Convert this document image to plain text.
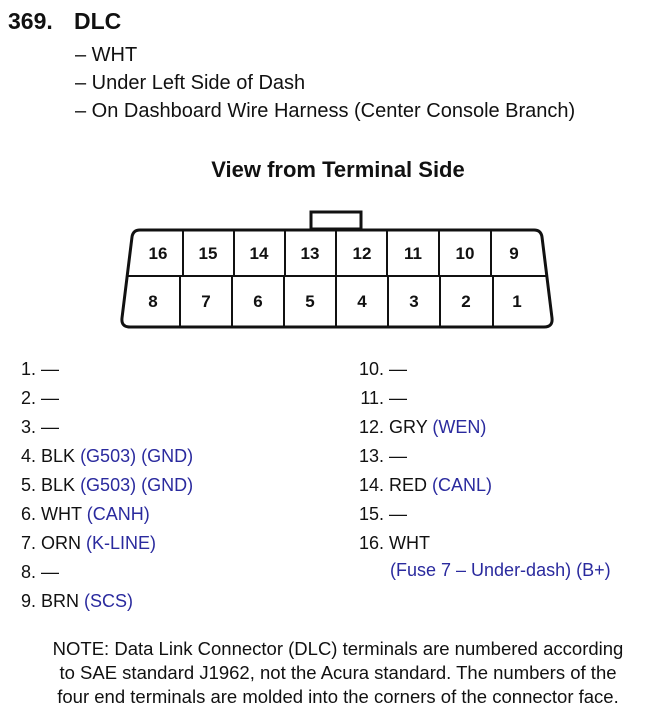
369. DLC
– WHT
– Under Left Side of Dash
– On Dashboard Wire Harness (Center Console Branch)
View from Terminal Side
16 15 14 13 12 11 10 9
8	7	6	5	4	3	2 1
1. —
2. —
3. —
4. BLK (G503) (GND)
5. BLK (G503) (GND)
6. WHT (CANH)
7. ORN (K-LINE)
8. —
9. BRN (SCS)
10. —
11. —
12. GRY (WEN)
13. —
14. RED (CANL)
15. —
16. WHT
(Fuse 7 – Under-dash) (B+)
NOTE: Data Link Connector (DLC) terminals are numbered according
to SAE standard J1962, not the Acura standard. The numbers of the
four end terminals are molded into the corners of the connector face.
